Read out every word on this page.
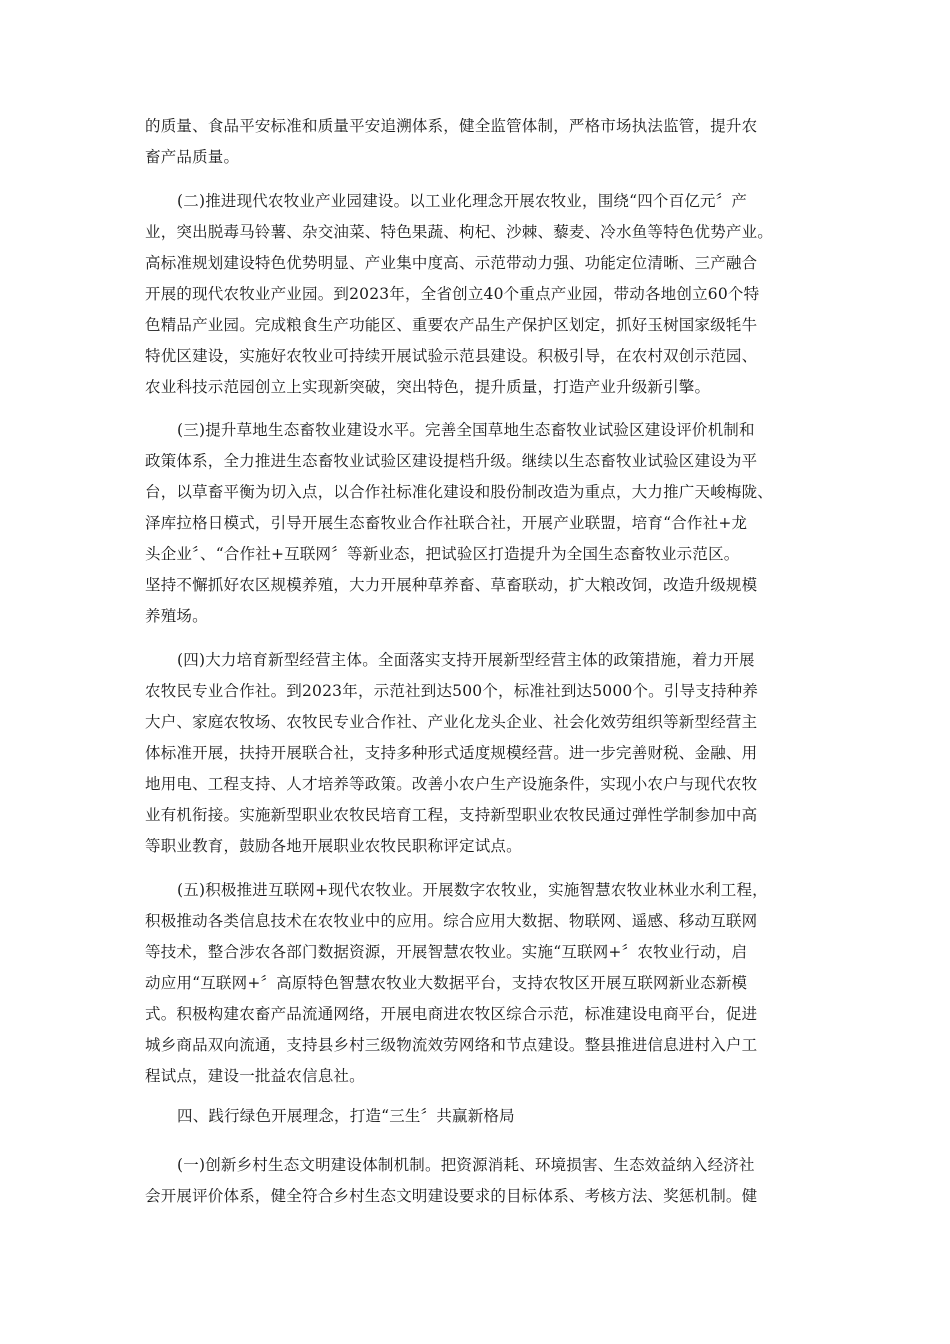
的质量、食品平安标准和质量平安追溯体系，健全监管体制，严格市场执法监管，提升农
畜产品质量。
(二)推进现代农牧业产业园建设。以工业化理念开展农牧业，围绕“四个百亿元〞产
业，突出脱毒马铃薯、杂交油菜、特色果蔬、枸杞、沙棘、藜麦、冷水鱼等特色优势产业。
高标准规划建设特色优势明显、产业集中度高、示范带动力强、功能定位清晰、三产融合
开展的现代农牧业产业园。到2023年，全省创立40个重点产业园，带动各地创立60个特
色精品产业园。完成粮食生产功能区、重要农产品生产保护区划定，抓好玉树国家级牦牛
特优区建设，实施好农牧业可持续开展试验示范县建设。积极引导，在农村双创示范园、
农业科技示范园创立上实现新突破，突出特色，提升质量，打造产业升级新引擎。
(三)提升草地生态畜牧业建设水平。完善全国草地生态畜牧业试验区建设评价机制和
政策体系，全力推进生态畜牧业试验区建设提档升级。继续以生态畜牧业试验区建设为平
台，以草畜平衡为切入点，以合作社标准化建设和股份制改造为重点，大力推广天峻梅陇、
泽库拉格日模式，引导开展生态畜牧业合作社联合社，开展产业联盟，培育“合作社+龙
头企业〞、“合作社+互联网〞等新业态，把试验区打造提升为全国生态畜牧业示范区。
坚持不懈抓好农区规模养殖，大力开展种草养畜、草畜联动，扩大粮改饲，改造升级规模
养殖场。
(四)大力培育新型经营主体。全面落实支持开展新型经营主体的政策措施，着力开展
农牧民专业合作社。到2023年，示范社到达500个，标准社到达5000个。引导支持种养
大户、家庭农牧场、农牧民专业合作社、产业化龙头企业、社会化效劳组织等新型经营主
体标准开展，扶持开展联合社，支持多种形式适度规模经营。进一步完善财税、金融、用
地用电、工程支持、人才培养等政策。改善小农户生产设施条件，实现小农户与现代农牧
业有机衔接。实施新型职业农牧民培育工程，支持新型职业农牧民通过弹性学制参加中高
等职业教育，鼓励各地开展职业农牧民职称评定试点。
(五)积极推进互联网+现代农牧业。开展数字农牧业，实施智慧农牧业林业水利工程，
积极推动各类信息技术在农牧业中的应用。综合应用大数据、物联网、遥感、移动互联网
等技术，整合涉农各部门数据资源，开展智慧农牧业。实施“互联网+〞农牧业行动，启
动应用“互联网+〞高原特色智慧农牧业大数据平台，支持农牧区开展互联网新业态新模
式。积极构建农畜产品流通网络，开展电商进农牧区综合示范，标准建设电商平台，促进
城乡商品双向流通，支持县乡村三级物流效劳网络和节点建设。整县推进信息进村入户工
程试点，建设一批益农信息社。
四、践行绿色开展理念，打造“三生〞共赢新格局
(一)创新乡村生态文明建设体制机制。把资源消耗、环境损害、生态效益纳入经济社
会开展评价体系，健全符合乡村生态文明建设要求的目标体系、考核方法、奖惩机制。健
